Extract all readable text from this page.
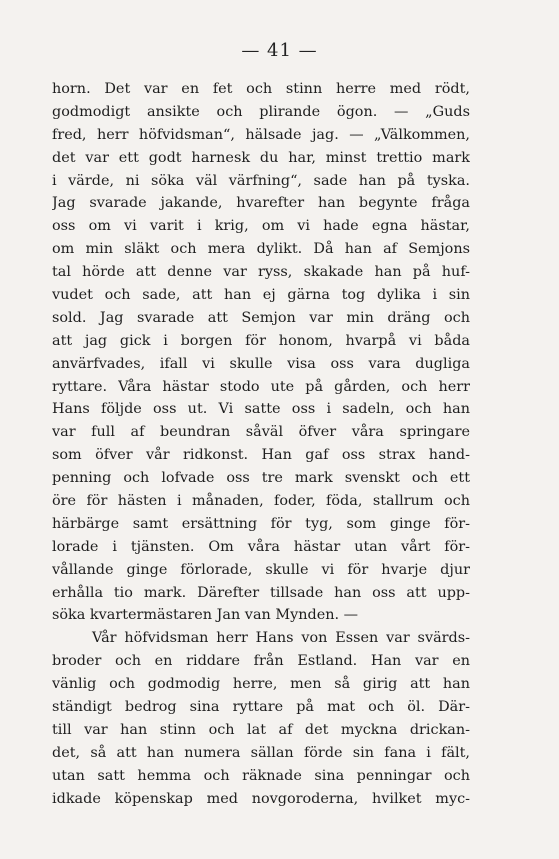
— 41 —
horn. Det var en fet och stinn herre med rödt,
godmodigt ansikte och plirande ögon. — „Guds
fred, herr höfvidsman“, hälsade jag. — „Välkommen,
det var ett godt harnesk du har, minst trettio mark
i värde, ni söka väl värfning“, sade han på tyska.
Jag svarade jakande, hvarefter han begynte fråga
oss om vi varit i krig, om vi hade egna hästar,
om min släkt och mera dylikt. Då han af Semjons
tal hörde att denne var ryss, skakade han på huf-
vudet och sade, att han ej gärna tog dylika i sin
sold. Jag svarade att Semjon var min dräng och
att jag gick i borgen för honom, hvarpå vi båda
anvärfvades, ifall vi skulle visa oss vara dugliga
ryttare. Våra hästar stodo ute på gården, och herr
Hans följde oss ut. Vi satte oss i sadeln, och han
var full af beundran såväl öfver våra springare
som öfver vår ridkonst. Han gaf oss strax hand-
penning och lofvade oss tre mark svenskt och ett
öre för hästen i månaden, foder, föda, stallrum och
härbärge samt ersättning för tyg, som ginge för-
lorade i tjänsten. Om våra hästar utan vårt för-
vållande ginge förlorade, skulle vi för hvarje djur
erhålla tio mark. Därefter tillsade han oss att upp-
söka kvartermästaren Jan van Mynden. —
Vår höfvidsman herr Hans von Essen var svärds-
broder och en riddare från Estland. Han var en
vänlig och godmodig herre, men så girig att han
ständigt bedrog sina ryttare på mat och öl. Där-
till var han stinn och lat af det myckna drickan-
det, så att han numera sällan förde sin fana i fält,
utan satt hemma och räknade sina penningar och
idkade köpenskap med novgoroderna, hvilket myc-
